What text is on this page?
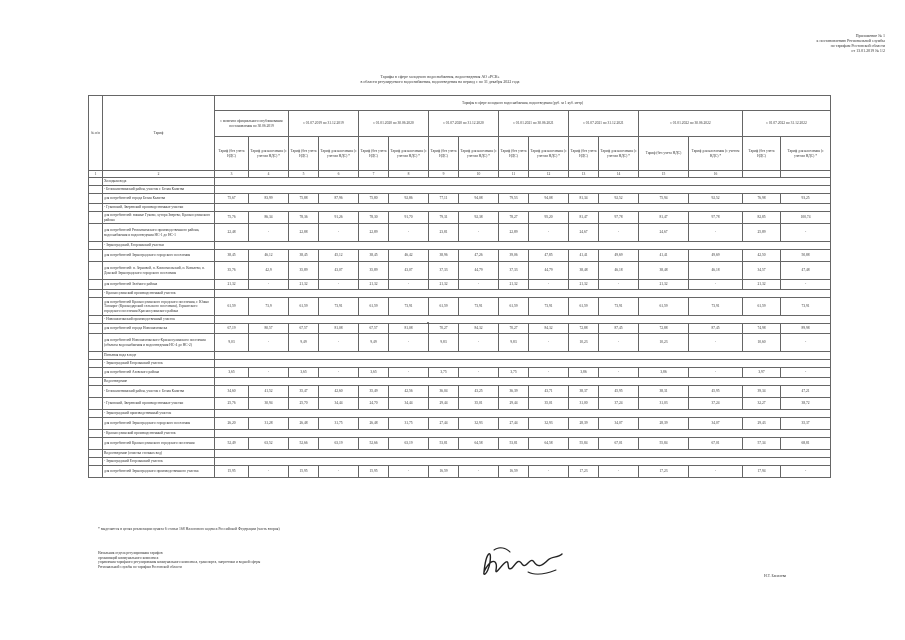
Приложение № 1
к постановлению Региональной службы
по тарифам Ростовской области
от 13.01.2019 № 1/2
Тарифы в сфере холодного водоснабжения, водоотведения АО «РСК»
в области регулируемого водоснабжения, водоотведения на период с по 31 декабря 2022 года
№ п/п	Тариф	Тарифы в сфере холодного водоснабжения, водоотведения (руб. за 1 куб. метр)															
		с момента официального опубликования постановления по 30.06.2019		с 01.07.2019 по 31.12.2019		с 01.01.2020 по 30.06.2020		с 01.07.2020 по 31.12.2020		с 01.01.2021 по 30.06.2021		с 01.07.2021 по 31.12.2021		с 01.01.2022 по 30.06.2022		с 01.07.2022 по 31.12.2022	
		Тариф (без учета НДС)	Тариф для населения (с учетом НДС) *	Тариф (без учета НДС)	Тариф для населения (с учетом НДС) *	Тариф (без учета НДС)	Тариф для населения (с учетом НДС) *	Тариф (без учета НДС)	Тариф для населения (с учетом НДС) *	Тариф (без учета НДС)	Тариф для населения (с учетом НДС) *	Тариф (без учета НДС)	Тариф для населения (с учетом НДС) *	Тариф (без учета НДС)	Тариф для населения (с учетом НДС) *	Тариф (без учета НДС)	Тариф для населения (с учетом НДС) *
1	2	3	4	5	6	7	8	9	10	11	12	13	14	15	16		
	Холодная вода																
	- Белокалитвинский район, участок г. Белая Калитва																
	для потребителей города Белая Калитва	75,67	83,99	75,88	87,96	75,80	92,86	77,11	94,08	79,53	94,08	81,34	92,52	75,94	92,52	76,98	93,25
	- Гуковский, Зверевский производственные участки																
	для потребителей: южные Гуково, хутора Зверево, Красносулинского района	75,76	86,34	78,36	91,26	78,30	91,70	79,31	92,38	78,27	95,20	81,47	97,78	81,47	97,78	82,85	100,74
	для потребителей Ремонтненского производственного района, водоснабжения и водоотведения НС-1 до НС-1	22,48	-	22,88	-	22,89	-	23,81	-	22,89	-	24,67	-	24,67	-	25,89	-
	- Зерноградский, Егорлыкский участки																
	для потребителей Зерноградского городского поселения	38,45	46,12	38,45	45,12	38,45	46,42	38,96	47,26	39,06	47,85	41,41	49,69	41,41	49,69	42,50	50,88
	для потребителей: п. Зерновой, п. Комсомольский, п. Ковалево, п. Донской Зерноградского городского поселения	35,76	42,9	35,89	43,07	35,89	43,07	37,33	44,79	37,33	44,79	38,48	46,18	38,48	46,18	34,57	47,48
	для потребителей Зелёного района	21,32	-	21,32	-	21,32	-	21,32	-	21,32	-	21,32	-	21,32	-	21,32	-
	- Красносулинский производственный участок																
	для потребителей Красносулинского городского поселения, г. Южно Таганрог (Краснодарский сельского поселения), Горнятского городского поселения Красносулинского района	61,59	73,9	61,59	73,91	61,59	73,91	61,59	73,91	61,59	73,91	61,59	73,91	61,59	73,91	61,59	73,91
	- Новошахтинский производственный участок																
	для потребителей города Новошахтинска	67,19	80,57	67,57	81,08	67,57	81,08	70,27	84,32	70,27	84,32	72,88	87,45	72,88	87,45	74,98	89,98
	для потребителей Новошахтинского-Красносулинского поселения (объекты водоснабжения и водоотведения НС-4 до НС-2)	9,03	-	9,49	-	9,49	-	9,83	-	9,83	-	10,23	-	10,23	-	10,60	-
	Питьевая вода в воде																
	- Зерноградский Егорлыкский участок																
	для потребителей Азовского района	3,65	-	3,65	-	3,65	-	3,75	-	3,75	-	3,86	-	3,86	-	3,97	-
	Водоотведение																
	- Белокалитвинский район, участок г. Белая Калитва	34,60	41,52	35,47	42,60	35,49	42,56	36,04	43,25	36,39	43,71	38,37	45,95	38,31	45,95	39,34	47,21
	- Гуковский, Зверевский производственные участки	25,76	30,94	25,70	34,44	24,70	34,44	29,44	35,01	29,44	35,01	31,00	37,24	31,03	37,24	32,27	38,72
	- Зерноградский производственный участок																
	для потребителей Зерноградского городского поселения	26,20	31,28	26,48	31,75	26,48	31,75	27,44	32,93	27,44	32,93	28,39	34,07	28,39	34,07	29,43	35,37
	- Красносулинский производственный участок																
	для потребителей Красносулинского городского поселения	52,49	63,52	52,66	63,19	52,66	63,19	53,81	64,58	53,81	64,58	55,84	67,01	55,84	67,01	57,34	68,81
	Водоотведение (очистка сточных вод)																
	- Зерноградский Егорлыкский участок																
	для потребителей Зерноградского производственного участка	15,95	-	15,95	-	15,95	-	16,59	-	16,59	-	17,23	-	17,23	-	17,94	-
* выделяется в целях реализации пункта 6 статьи 168 Налогового кодекса Российской Федерации (часть вторая)
Начальник отдела регулирования тарифов
организаций коммунального комплекса
управления тарифного регулирования коммунального комплекса, транспорта, энергетики и водной сферы
Региональной службы по тарифам Ростовской области
Н.Т. Басилева
